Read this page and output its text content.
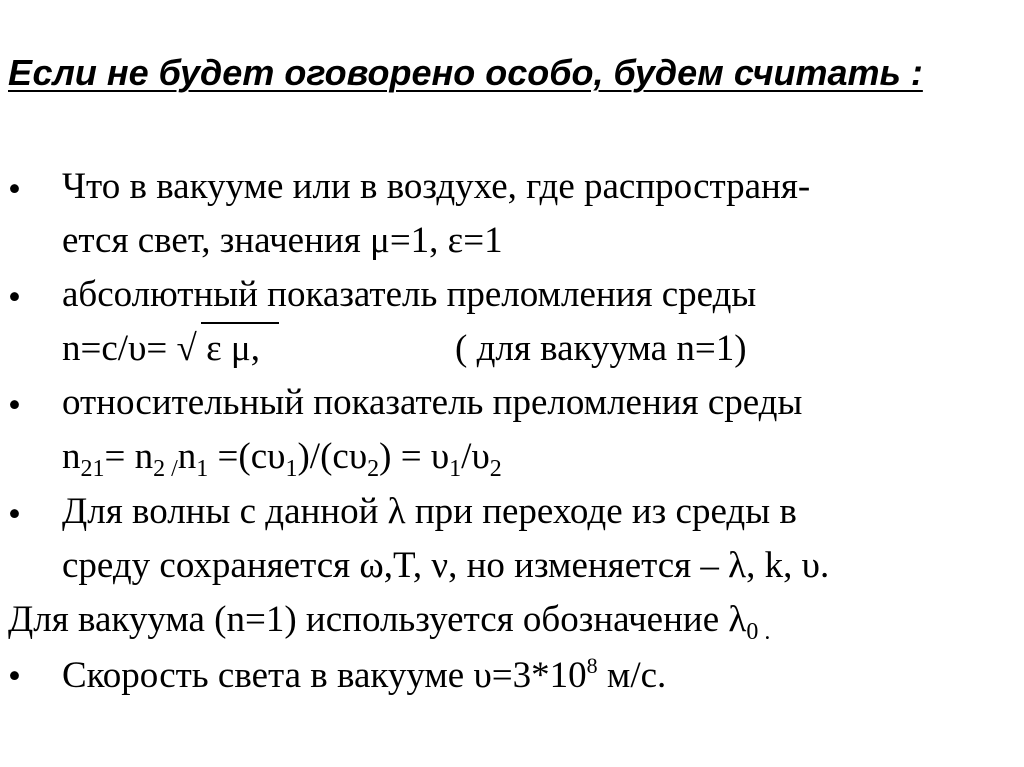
Если не будет оговорено особо, будем считать :
• Что в вакууме или в воздухе, где распространя-
ется свет, значения μ=1, ε=1
• абсолютный показатель преломления среды
n=c/υ=
√ ε μ,	( для вакуума n=1)
• относительный показатель преломления среды
$n_{21}= n_{2 /}n_1 =(c\upsilon_1)/(c\upsilon_2) = \upsilon_1/\upsilon_2$
• Для волны с данной λ при переходе из среды в
среду сохраняется ω,T, ν, но изменяется – λ, k, υ.
Для вакуума (n=1) используется обозначение $\lambda_{0 .}$
• Скорость света в вакууме $\upsilon=3*10^8$ м/с.
